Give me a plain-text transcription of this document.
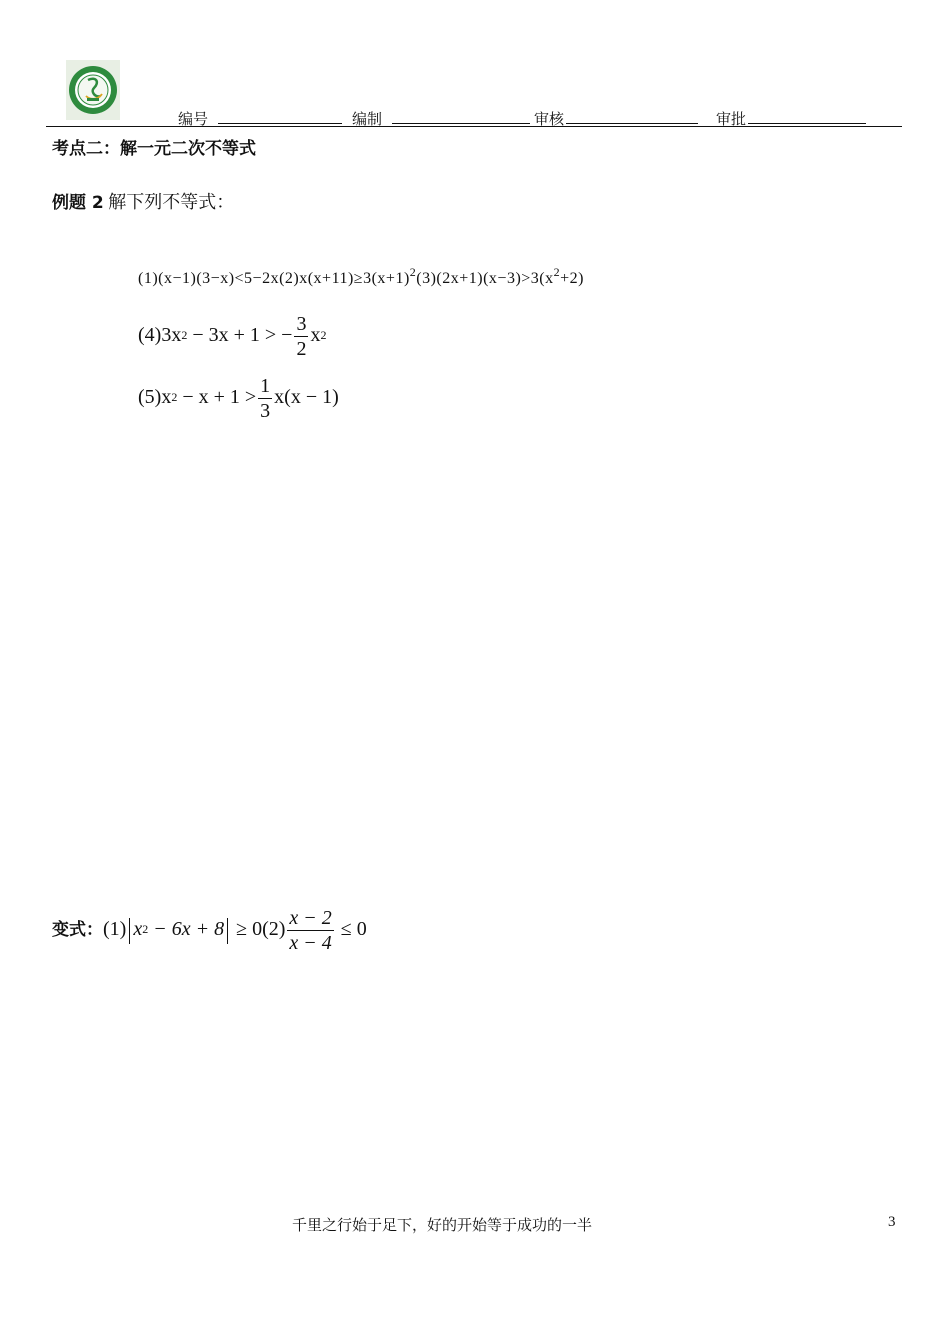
编号	编制	审核	审批
考点二：解一元二次不等式
例题 2 解下列不等式：
$(1)(x-1)(3-x)<5-2x(2)x(x+11)\ge 3(x+1)^2(3)(2x+1)(x-3)>3(x^2+2)$
(4)3x2 − 3x + 1 > − $\frac{3}{2} x2$
$(5)x2 - x + 1 > \frac{1}{3} x(x - 1)$
变式：(1) $x2 - 6x + 8 \ge 0(2) \frac{x - 2}{x - 4} \le 0$
千里之行始于足下，好的开始等于成功的一半	3
